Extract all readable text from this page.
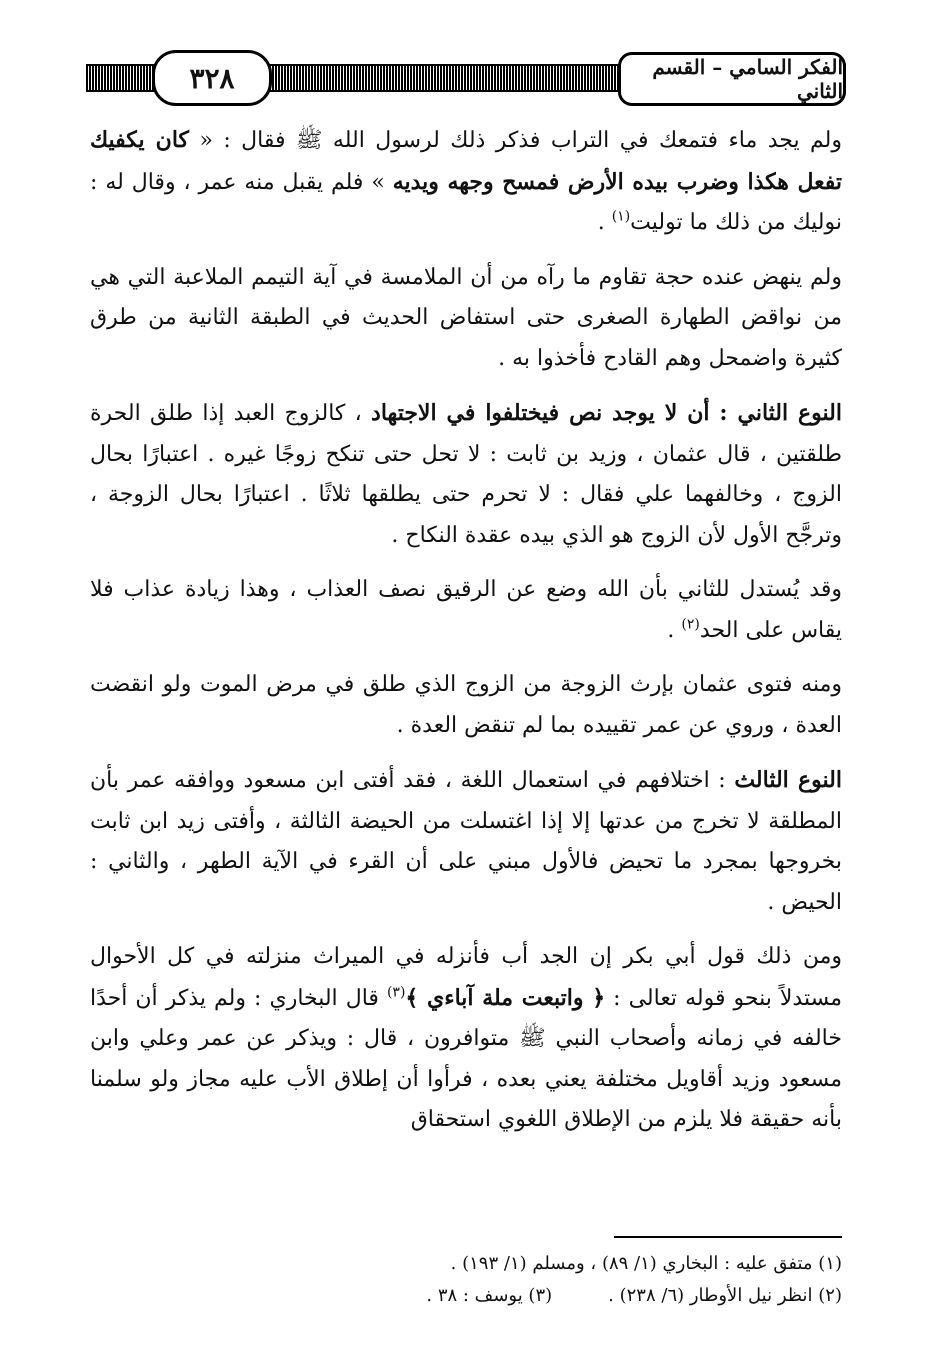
الفكر السامي – القسم الثاني
٣٢٨

ولم يجد ماء فتمعك في التراب فذكر ذلك لرسول الله ﷺ فقال : « كان يكفيك تفعل هكذا وضرب بيده الأرض فمسح وجهه ويديه » فلم يقبل منه عمر ، وقال له : نوليك من ذلك ما توليت$^{(١)}$ .

ولم ينهض عنده حجة تقاوم ما رآه من أن الملامسة في آية التيمم الملاعبة التي هي من نواقض الطهارة الصغرى حتى استفاض الحديث في الطبقة الثانية من طرق كثيرة واضمحل وهم القادح فأخذوا به .

النوع الثاني : أن لا يوجد نص فيختلفوا في الاجتهاد ، كالزوج العبد إذا طلق الحرة طلقتين ، قال عثمان ، وزيد بن ثابت : لا تحل حتى تنكح زوجًا غيره . اعتبارًا بحال الزوج ، وخالفهما علي فقال : لا تحرم حتى يطلقها ثلاثًا . اعتبارًا بحال الزوجة ، وترجَّح الأول لأن الزوج هو الذي بيده عقدة النكاح .

وقد يُستدل للثاني بأن الله وضع عن الرقيق نصف العذاب ، وهذا زيادة عذاب فلا يقاس على الحد$^{(٢)}$ .

ومنه فتوى عثمان بإرث الزوجة من الزوج الذي طلق في مرض الموت ولو انقضت العدة ، وروي عن عمر تقييده بما لم تنقض العدة .

النوع الثالث : اختلافهم في استعمال اللغة ، فقد أفتى ابن مسعود ووافقه عمر بأن المطلقة لا تخرج من عدتها إلا إذا اغتسلت من الحيضة الثالثة ، وأفتى زيد ابن ثابت بخروجها بمجرد ما تحيض فالأول مبني على أن القرء في الآية الطهر ، والثاني : الحيض .

ومن ذلك قول أبي بكر إن الجد أب فأنزله في الميراث منزلته في كل الأحوال مستدلاً بنحو قوله تعالى : ﴿ واتبعت ملة آباءي ﴾$^{(٣)}$ قال البخاري : ولم يذكر أن أحدًا خالفه في زمانه وأصحاب النبي ﷺ متوافرون ، قال : ويذكر عن عمر وعلي وابن مسعود وزيد أقاويل مختلفة يعني بعده ، فرأوا أن إطلاق الأب عليه مجاز ولو سلمنا بأنه حقيقة فلا يلزم من الإطلاق اللغوي استحقاق

(١) متفق عليه : البخاري (١/ ٨٩) ، ومسلم (١/ ١٩٣) .
(٢) انظر نيل الأوطار (٦/ ٢٣٨) .(٣) يوسف : ٣٨ .
